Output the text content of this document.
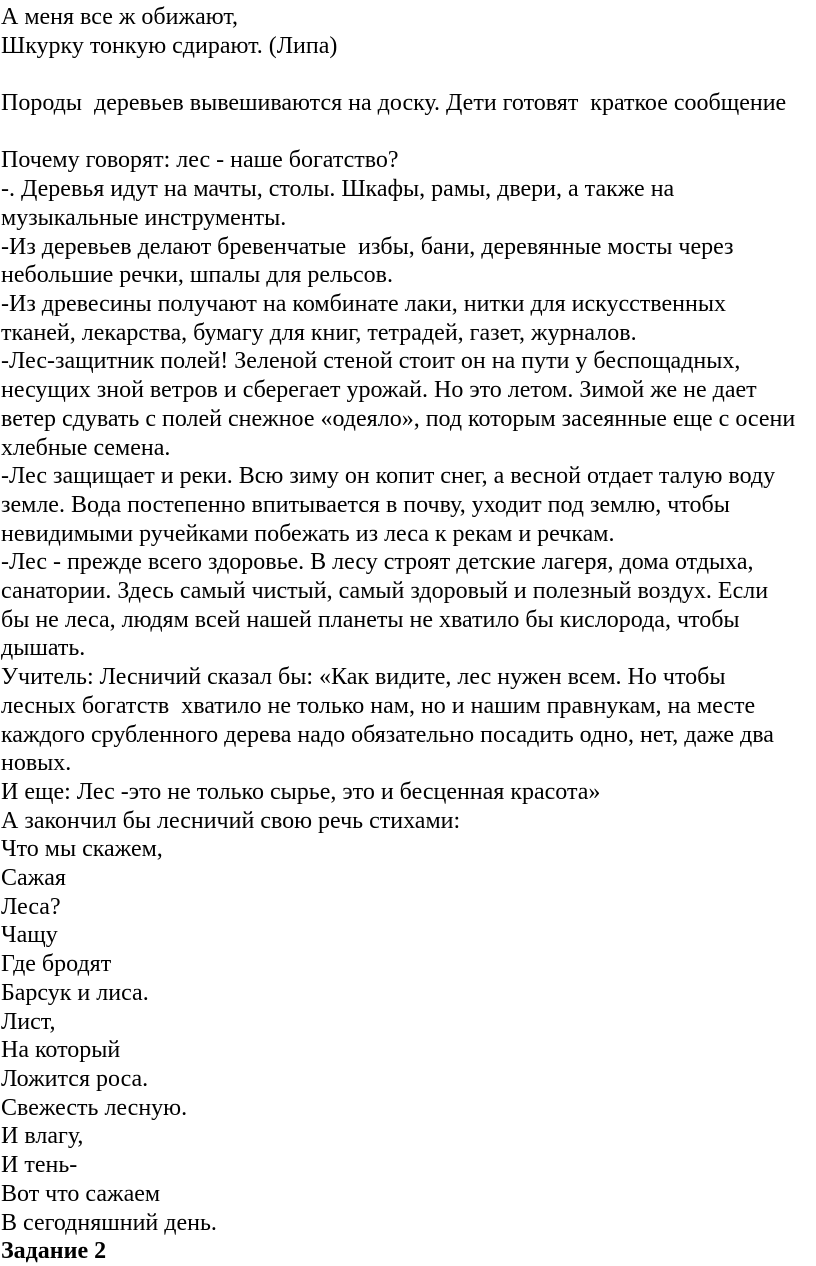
А меня все ж обижают,
Шкурку тонкую сдирают. (Липа)
Породы  деревьев вывешиваются на доску. Дети готовят  краткое сообщение
Почему говорят: лес - наше богатство?
-. Деревья идут на мачты, столы. Шкафы, рамы, двери, а также на
музыкальные инструменты.
-Из деревьев делают бревенчатые  избы, бани, деревянные мосты через
небольшие речки, шпалы для рельсов.
-Из древесины получают на комбинате лаки, нитки для искусственных
тканей, лекарства, бумагу для книг, тетрадей, газет, журналов.
-Лес-защитник полей! Зеленой стеной стоит он на пути у беспощадных,
несущих зной ветров и сберегает урожай. Но это летом. Зимой же не дает
ветер сдувать с полей снежное «одеяло», под которым засеянные еще с осени
хлебные семена.
-Лес защищает и реки. Всю зиму он копит снег, а весной отдает талую воду
земле. Вода постепенно впитывается в почву, уходит под землю, чтобы
невидимыми ручейками побежать из леса к рекам и речкам.
-Лес - прежде всего здоровье. В лесу строят детские лагеря, дома отдыха,
санатории. Здесь самый чистый, самый здоровый и полезный воздух. Если
бы не леса, людям всей нашей планеты не хватило бы кислорода, чтобы
дышать.
Учитель: Лесничий сказал бы: «Как видите, лес нужен всем. Но чтобы
лесных богатств  хватило не только нам, но и нашим правнукам, на месте
каждого срубленного дерева надо обязательно посадить одно, нет, даже два
новых.
И еще: Лес -это не только сырье, это и бесценная красота»
А закончил бы лесничий свою речь стихами:
Что мы скажем,
Сажая
Леса?
Чащу
Где бродят
Барсук и лиса.
Лист,
На который
Ложится роса.
Свежесть лесную.
И влагу,
И тень-
Вот что сажаем
В сегодняшний день.
Задание 2
